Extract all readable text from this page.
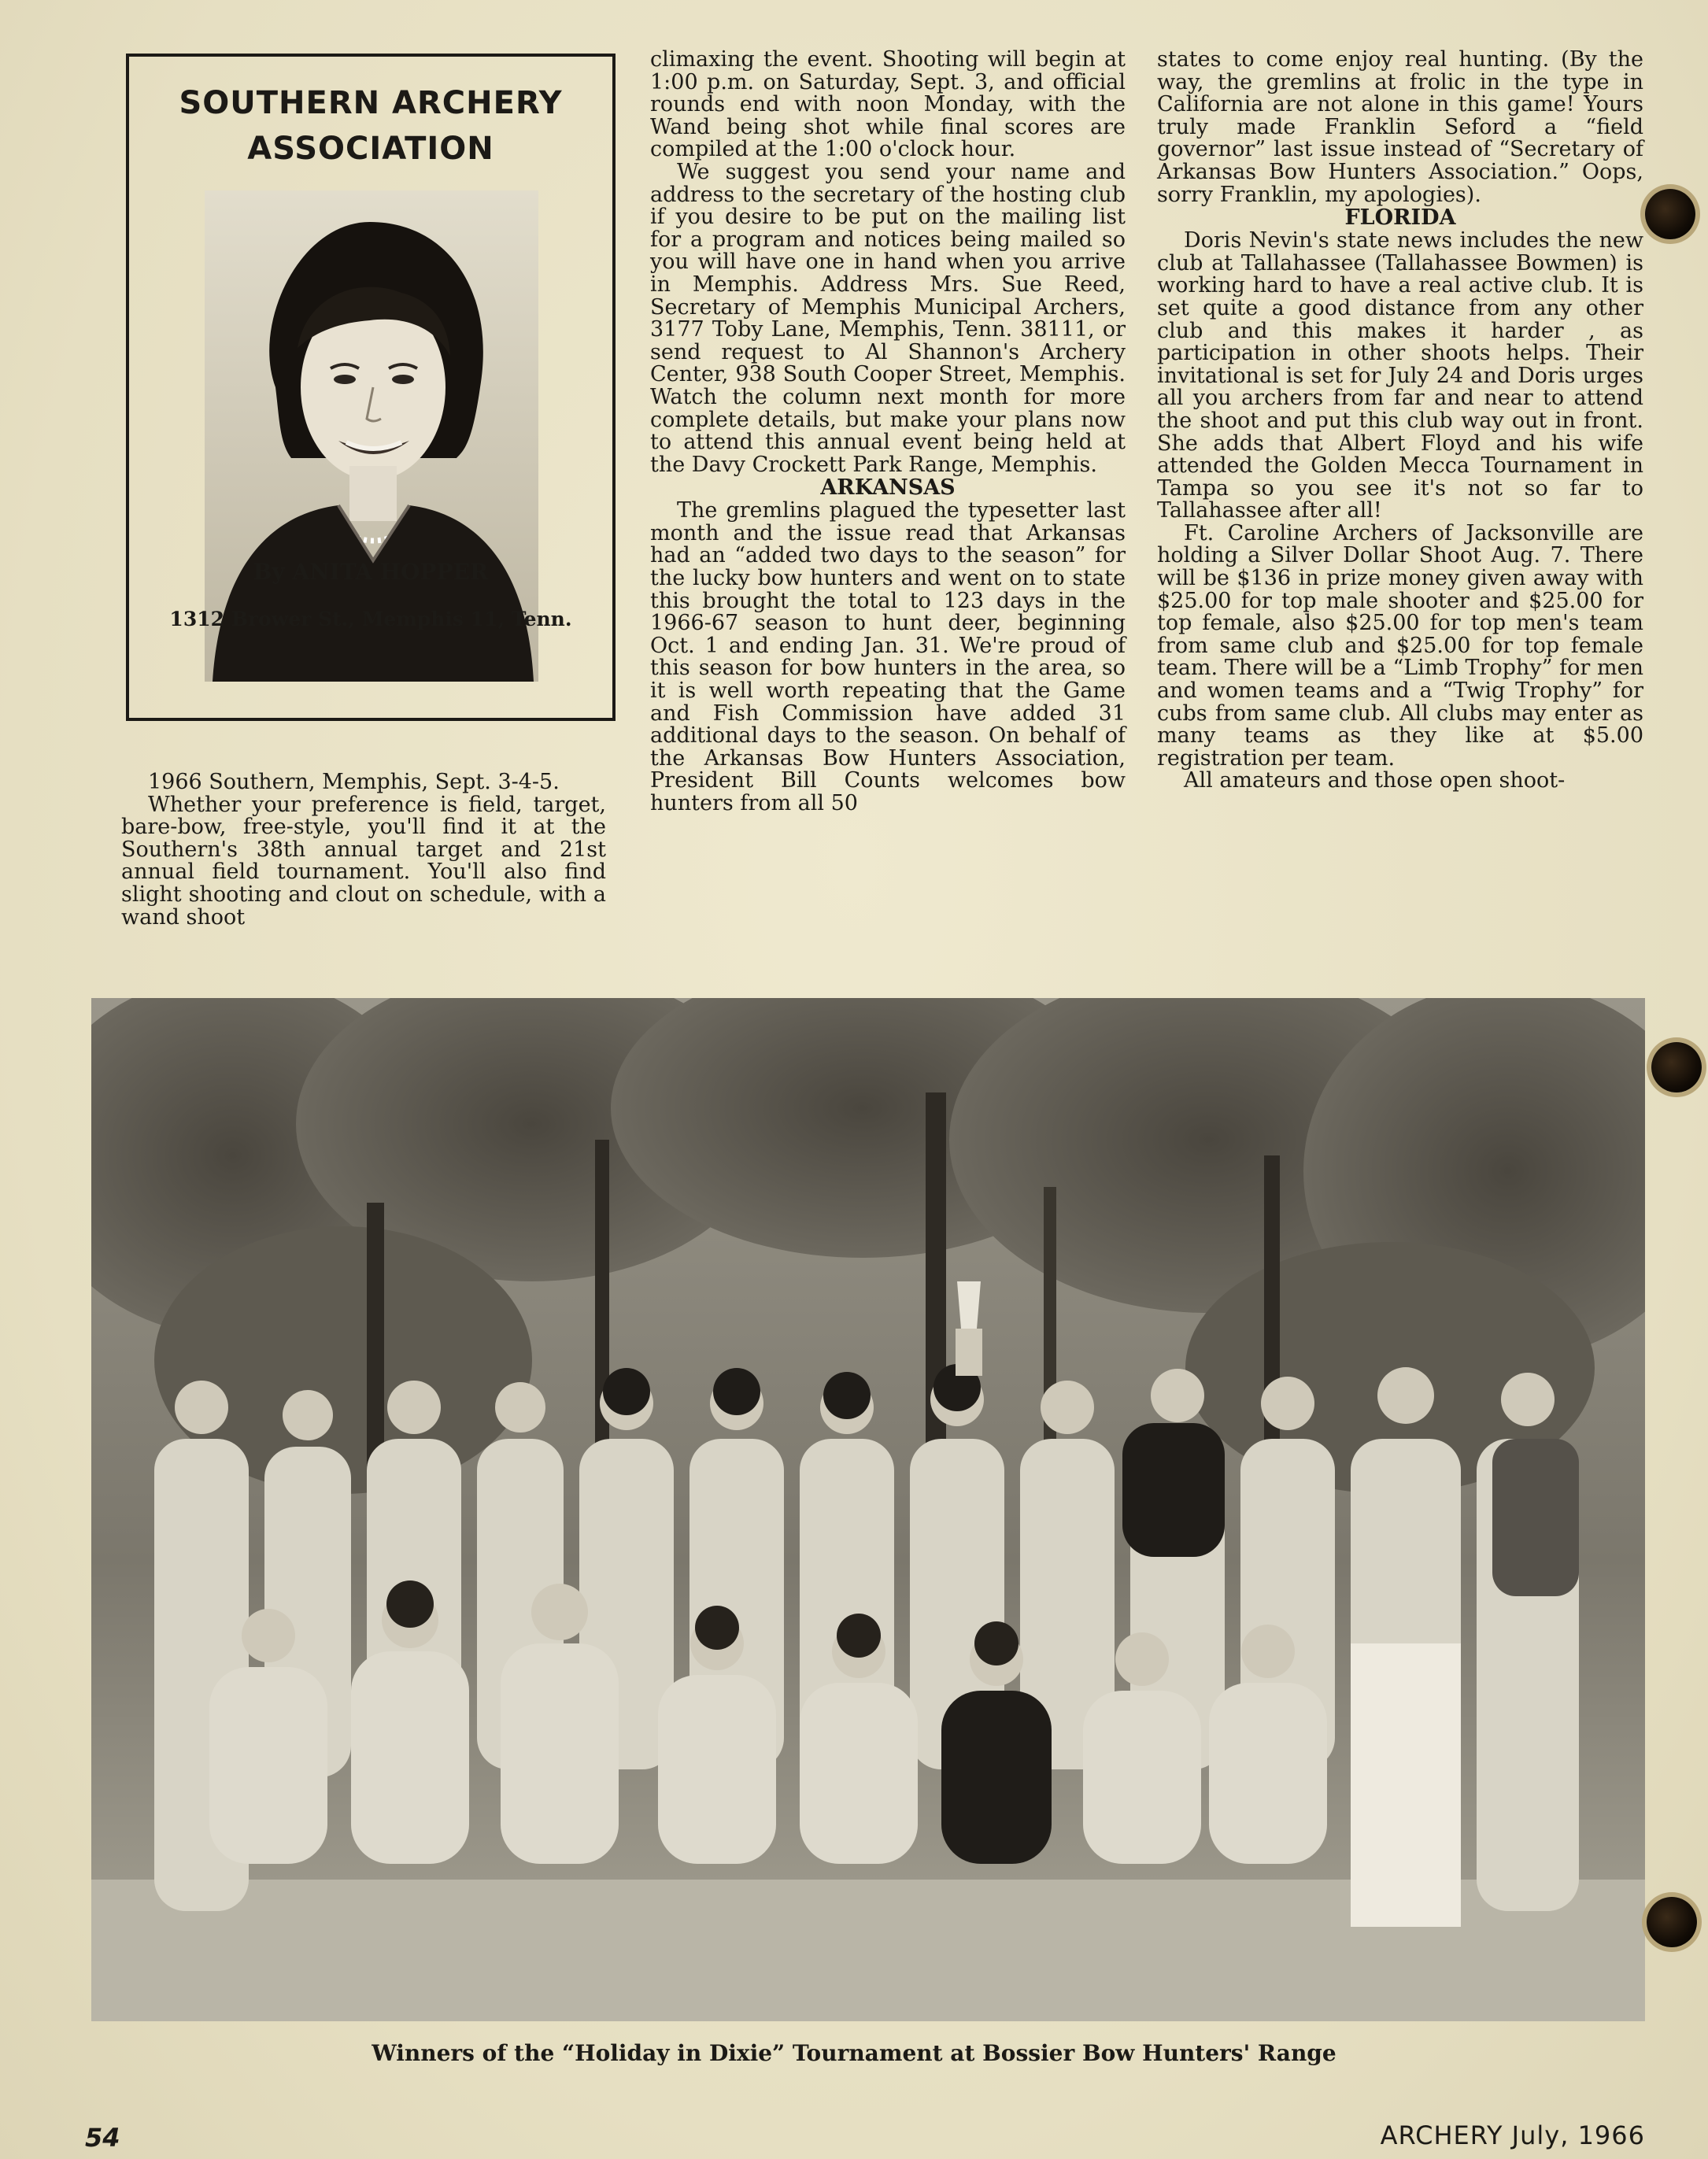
SOUTHERN ARCHERY
ASSOCIATION
By ANITA HOPPER
1312 Brower St., Memphis 11, Tenn.

1966 Southern, Memphis, Sept. 3-4-5.

Whether your preference is field, target, bare-bow, free-style, you'll find it at the Southern's 38th annual target and 21st annual field tournament. You'll also find slight shooting and clout on schedule, with a wand shoot

climaxing the event. Shooting will begin at 1:00 p.m. on Saturday, Sept. 3, and official rounds end with noon Monday, with the Wand being shot while final scores are compiled at the 1:00 o'clock hour.

We suggest you send your name and address to the secretary of the hosting club if you desire to be put on the mailing list for a program and notices being mailed so you will have one in hand when you arrive in Memphis. Address Mrs. Sue Reed, Secretary of Memphis Municipal Archers, 3177 Toby Lane, Memphis, Tenn. 38111, or send request to Al Shannon's Archery Center, 938 South Cooper Street, Memphis. Watch the column next month for more complete details, but make your plans now to attend this annual event being held at the Davy Crockett Park Range, Memphis.

ARKANSAS

The gremlins plagued the typesetter last month and the issue read that Arkansas had an “added two days to the season” for the lucky bow hunters and went on to state this brought the total to 123 days in the 1966-67 season to hunt deer, beginning Oct. 1 and ending Jan. 31. We're proud of this season for bow hunters in the area, so it is well worth repeating that the Game and Fish Commission have added 31 additional days to the season. On behalf of the Arkansas Bow Hunters Association, President Bill Counts welcomes bow hunters from all 50

states to come enjoy real hunting. (By the way, the gremlins at frolic in the type in California are not alone in this game! Yours truly made Franklin Seford a “field governor” last issue instead of “Secretary of Arkansas Bow Hunters Association.” Oops, sorry Franklin, my apologies).

FLORIDA

Doris Nevin's state news includes the new club at Tallahassee (Tallahassee Bowmen) is working hard to have a real active club. It is set quite a good distance from any other club and this makes it harder , as participation in other shoots helps. Their invitational is set for July 24 and Doris urges all you archers from far and near to attend the shoot and put this club way out in front. She adds that Albert Floyd and his wife attended the Golden Mecca Tournament in Tampa so you see it's not so far to Tallahassee after all!

Ft. Caroline Archers of Jacksonville are holding a Silver Dollar Shoot Aug. 7. There will be $136 in prize money given away with $25.00 for top male shooter and $25.00 for top female, also $25.00 for top men's team from same club and $25.00 for top female team. There will be a “Limb Trophy” for men and women teams and a “Twig Trophy” for cubs from same club. All clubs may enter as many teams as they like at $5.00 registration per team.

All amateurs and those open shoot-

Winners of the “Holiday in Dixie” Tournament at Bossier Bow Hunters' Range
54	ARCHERY July, 1966
